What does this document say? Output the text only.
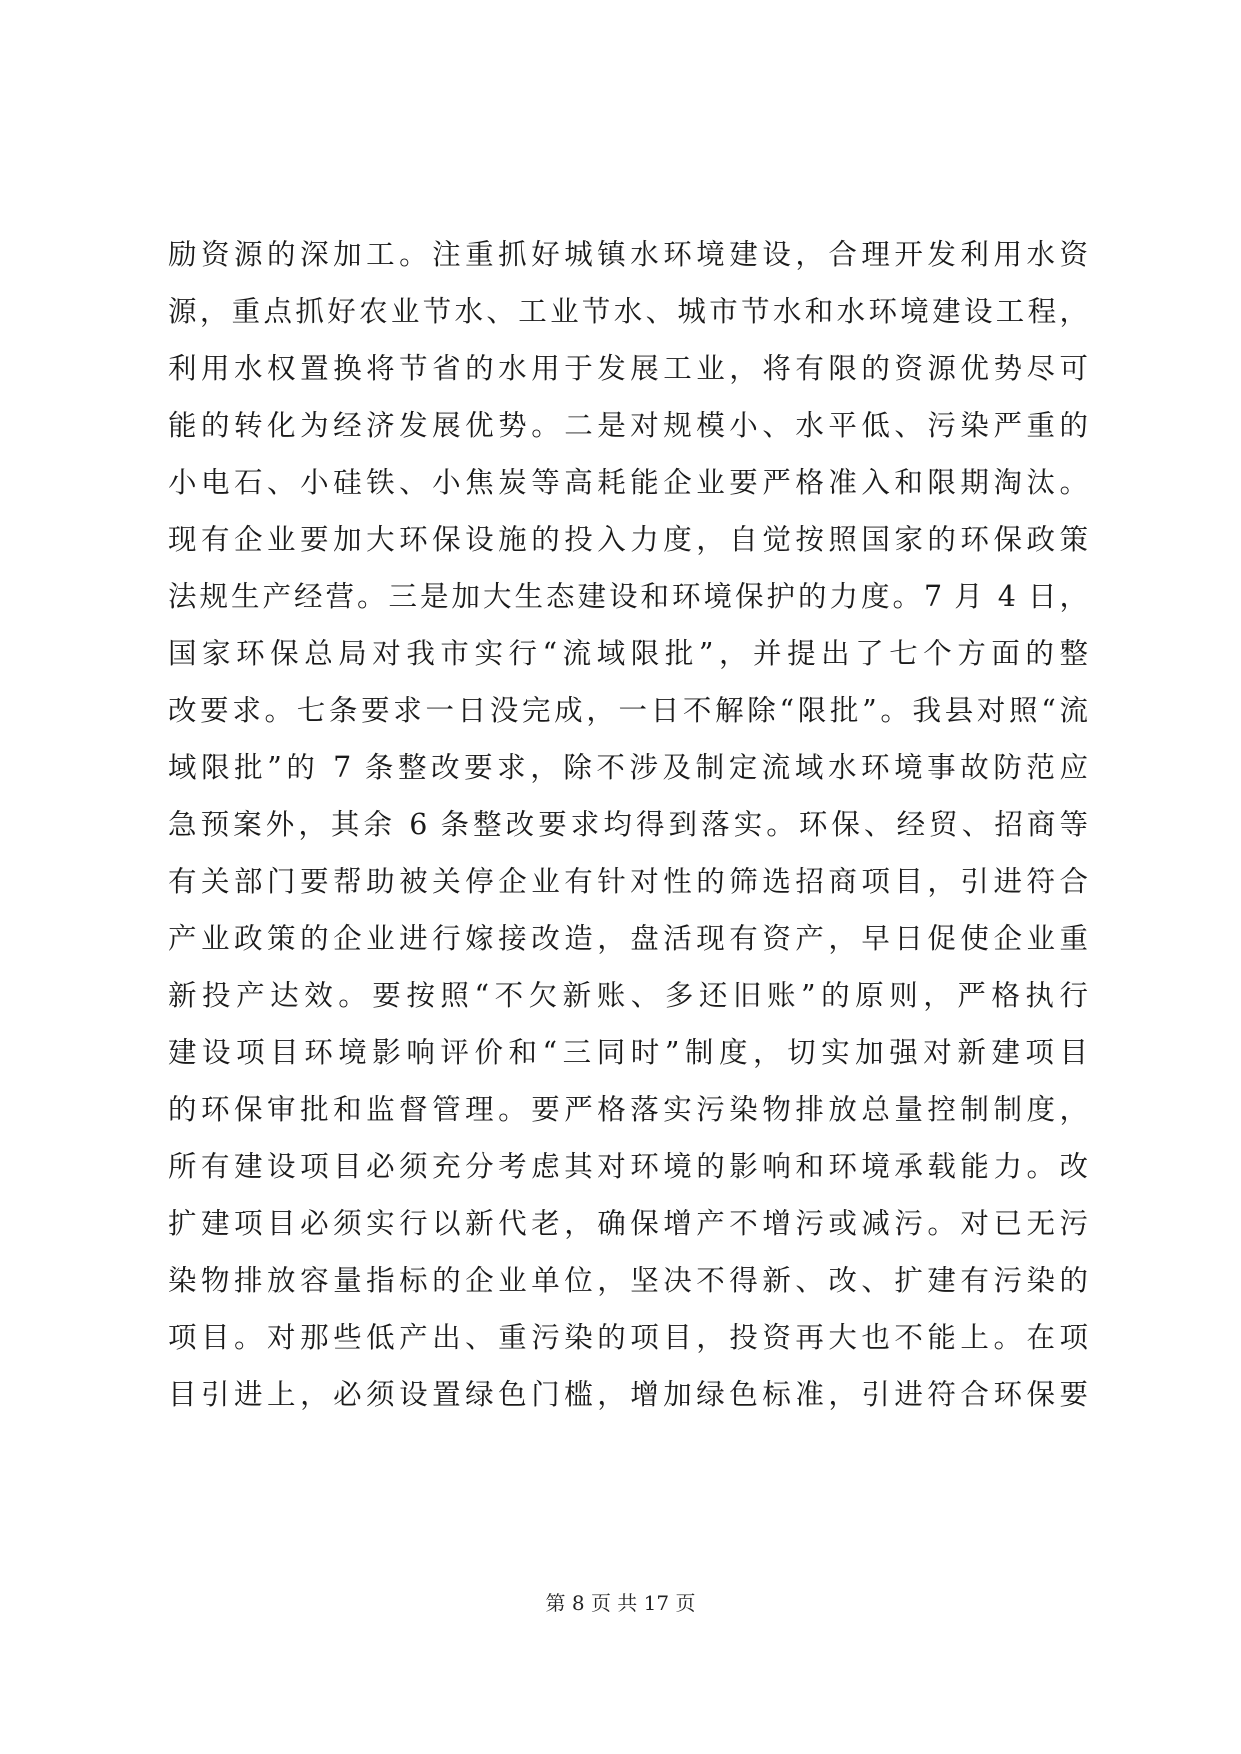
励资源的深加工。注重抓好城镇水环境建设，合理开发利用水资
源，重点抓好农业节水、工业节水、城市节水和水环境建设工程，
利用水权置换将节省的水用于发展工业，将有限的资源优势尽可
能的转化为经济发展优势。二是对规模小、水平低、污染严重的
小电石、小硅铁、小焦炭等高耗能企业要严格准入和限期淘汰。
现有企业要加大环保设施的投入力度，自觉按照国家的环保政策
法规生产经营。三是加大生态建设和环境保护的力度。7 月 4 日，
国家环保总局对我市实行“流域限批”，并提出了七个方面的整
改要求。七条要求一日没完成，一日不解除“限批”。我县对照“流
域限批”的 7 条整改要求，除不涉及制定流域水环境事故防范应
急预案外，其余 6 条整改要求均得到落实。环保、经贸、招商等
有关部门要帮助被关停企业有针对性的筛选招商项目，引进符合
产业政策的企业进行嫁接改造，盘活现有资产，早日促使企业重
新投产达效。要按照“不欠新账、多还旧账”的原则，严格执行
建设项目环境影响评价和“三同时”制度，切实加强对新建项目
的环保审批和监督管理。要严格落实污染物排放总量控制制度，
所有建设项目必须充分考虑其对环境的影响和环境承载能力。改
扩建项目必须实行以新代老，确保增产不增污或减污。对已无污
染物排放容量指标的企业单位，坚决不得新、改、扩建有污染的
项目。对那些低产出、重污染的项目，投资再大也不能上。在项
目引进上，必须设置绿色门槛，增加绿色标准，引进符合环保要
第 8 页 共 17 页
